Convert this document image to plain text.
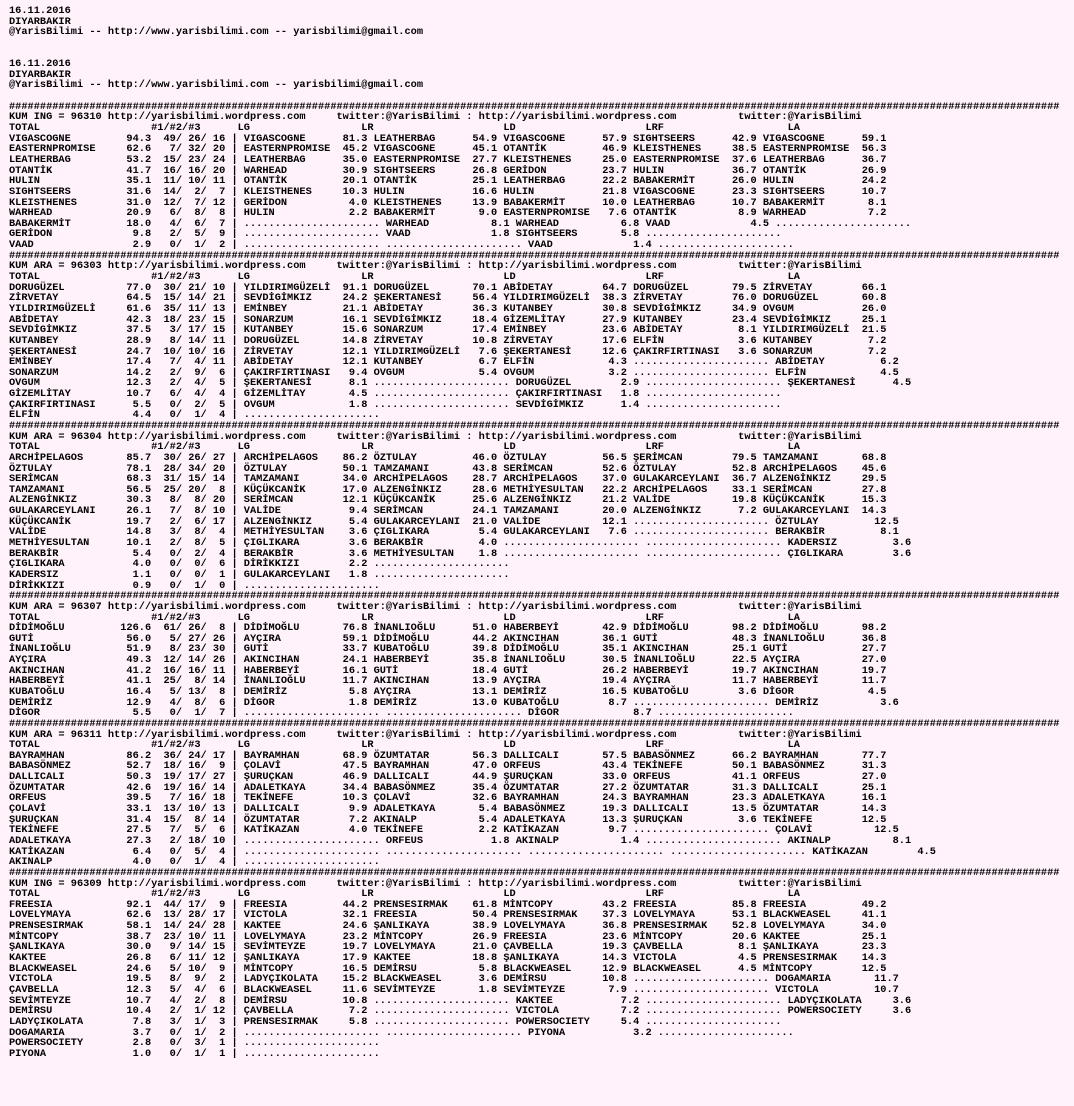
16.11.2016
DIYARBAKIR
@YarisBilimi -- http://www.yarisbilimi.com -- yarisbilimi@gmail.com
16.11.2016
DIYARBAKIR
@YarisBilimi -- http://www.yarisbilimi.com -- yarisbilimi@gmail.com
##########################################################################################################################################################################
KUM ING = 96310 http://yarisbilimi.wordpress.com     twitter:@YarisBilimi : http://yarisbilimi.wordpress.com          twitter:@YarisBilimi
TOTAL                  #1/#2/#3      LG                  LR                     LD                     LRF                    LA
VIGASCOGNE         94.3  49/ 26/ 16 | VIGASCOGNE      81.3 LEATHERBAG      54.9 VIGASCOGNE      57.9 SIGHTSEERS      42.9 VIGASCOGNE      59.1
EASTERNPROMISE     62.6   7/ 32/ 20 | EASTERNPROMISE  45.2 VIGASCOGNE      45.1 OTANTİK         46.9 KLEISTHENES     38.5 EASTERNPROMISE  56.3
LEATHERBAG         53.2  15/ 23/ 24 | LEATHERBAG      35.0 EASTERNPROMISE  27.7 KLEISTHENES     25.0 EASTERNPROMISE  37.6 LEATHERBAG      36.7
OTANTİK            41.7  16/ 16/ 20 | WARHEAD         30.9 SIGHTSEERS      26.8 GERİDON         23.7 HULIN           36.7 OTANTİK         26.9
HULIN              35.1  11/ 10/ 11 | OTANTİK         20.1 OTANTİK         25.1 LEATHERBAG      22.2 BABAKERMİT      26.0 HULIN           24.2
SIGHTSEERS         31.6  14/  2/  7 | KLEISTHENES     10.3 HULIN           16.6 HULIN           21.8 VIGASCOGNE      23.3 SIGHTSEERS      10.7
KLEISTHENES        31.0  12/  7/ 12 | GERİDON          4.0 KLEISTHENES     13.9 BABAKERMİT      10.0 LEATHERBAG      10.7 BABAKERMİT       8.1
WARHEAD            20.9   6/  8/  8 | HULIN            2.2 BABAKERMİT       9.0 EASTERNPROMISE   7.6 OTANTİK          8.9 WARHEAD          7.2
BABAKERMİT         18.0   4/  6/  7 | ...................... WARHEAD          8.1 WARHEAD          6.8 VAAD             4.5 ......................
GERİDON             9.8   2/  5/  9 | ...................... VAAD             1.8 SIGHTSEERS       5.8 ......................
VAAD                2.9   0/  1/  2 | ...................... ...................... VAAD             1.4 ......................
##########################################################################################################################################################################
KUM ARA = 96303 http://yarisbilimi.wordpress.com     twitter:@YarisBilimi : http://yarisbilimi.wordpress.com          twitter:@YarisBilimi
TOTAL                  #1/#2/#3      LG                  LR                     LD                     LRF                    LA
DORUGÜZEL          77.0  30/ 21/ 10 | YILDIRIMGÜZELİ  91.1 DORUGÜZEL       70.1 ABİDETAY        64.7 DORUGÜZEL       79.5 ZİRVETAY        66.1
ZİRVETAY           64.5  15/ 14/ 21 | SEVDİGİMKIZ     24.2 ŞEKERTANESİ     56.4 YILDIRIMGÜZELİ  38.3 ZİRVETAY        76.0 DORUGÜZEL       60.8
YILDIRIMGÜZELİ     61.6  35/ 11/ 13 | EMİNBEY         21.1 ABİDETAY        36.3 KUTANBEY        30.8 SEVDİGİMKIZ     34.9 OVGUM           26.0
ABİDETAY           42.3  18/ 23/ 15 | SONARZUM        16.1 SEVDİGİMKIZ     18.4 GİZEMLİTAY      27.9 KUTANBEY        23.4 SEVDİGİMKIZ     25.1
SEVDİGİMKIZ        37.5   3/ 17/ 15 | KUTANBEY        15.6 SONARZUM        17.4 EMİNBEY         23.6 ABİDETAY         8.1 YILDIRIMGÜZELİ  21.5
KUTANBEY           28.9   8/ 14/ 11 | DORUGÜZEL       14.8 ZİRVETAY        10.8 ZİRVETAY        17.6 ELFİN            3.6 KUTANBEY         7.2
ŞEKERTANESİ        24.7  10/ 10/ 16 | ZİRVETAY        12.1 YILDIRIMGÜZELİ   7.6 ŞEKERTANESİ     12.6 ÇAKIRFIRTINASI   3.6 SONARZUM         7.2
EMİNBEY            17.4   7/  4/ 11 | ABİDETAY        12.1 KUTANBEY         6.7 ELFİN            4.3 ...................... ABİDETAY         6.2
SONARZUM           14.2   2/  9/  6 | ÇAKIRFIRTINASI   9.4 OVGUM            5.4 OVGUM            3.2 ...................... ELFİN            4.5
OVGUM              12.3   2/  4/  5 | ŞEKERTANESİ      8.1 ...................... DORUGÜZEL        2.9 ...................... ŞEKERTANESİ      4.5
GİZEMLİTAY         10.7   6/  4/  4 | GİZEMLİTAY       4.5 ...................... ÇAKIRFIRTINASI   1.8 ......................
ÇAKIRFIRTINASI      5.5   0/  2/  5 | OVGUM            1.8 ...................... SEVDİGİMKIZ      1.4 ......................
ELFİN               4.4   0/  1/  4 | ......................
##########################################################################################################################################################################
KUM ARA = 96304 http://yarisbilimi.wordpress.com     twitter:@YarisBilimi : http://yarisbilimi.wordpress.com          twitter:@YarisBilimi
TOTAL                  #1/#2/#3      LG                  LR                     LD                     LRF                    LA
ARCHİPELAGOS       85.7  30/ 26/ 27 | ARCHİPELAGOS    86.2 ÖZTULAY         46.0 ÖZTULAY         56.5 ŞERİMCAN        79.5 TAMZAMANI       68.8
ÖZTULAY            78.1  28/ 34/ 20 | ÖZTULAY         50.1 TAMZAMANI       43.8 SERİMCAN        52.6 ÖZTULAY         52.8 ARCHİPELAGOS    45.6
SERİMCAN           68.3  31/ 15/ 14 | TAMZAMANI       34.0 ARCHİPELAGOS    28.7 ARCHİPELAGOS    37.0 GULAKARCEYLANI  36.7 ALZENGİNKIZ     29.5
TAMZAMANI          56.5  25/ 20/  8 | KÜÇÜKCANİK      17.0 ALZENGİNKIZ     28.6 METHİYESULTAN   22.2 ARCHİPELAGOS    33.1 SERİMCAN        27.8
ALZENGİNKIZ        30.3   8/  8/ 20 | SERİMCAN        12.1 KÜÇÜKCANİK      25.6 ALZENGİNKIZ     21.2 VALİDE          19.8 KÜÇÜKCANİK      15.3
GULAKARCEYLANI     26.1   7/  8/ 10 | VALİDE           9.4 SERİMCAN        24.1 TAMZAMANI       20.0 ALZENGİNKIZ      7.2 GULAKARCEYLANI  14.3
KÜÇÜKCANİK         19.7   2/  6/ 17 | ALZENGİNKIZ      5.4 GULAKARCEYLANI  21.0 VALİDE          12.1 ...................... ÖZTULAY         12.5
VALİDE             14.8   3/  8/  4 | METHİYESULTAN    3.6 ÇIGLIKARA        5.4 GULAKARCEYLANI   7.6 ...................... BERAKBİR         8.1
METHİYESULTAN      10.1   2/  8/  5 | ÇIGLIKARA        3.6 BERAKBİR         4.0 ...................... ...................... KADERSIZ         3.6
BERAKBİR            5.4   0/  2/  4 | BERAKBİR         3.6 METHİYESULTAN    1.8 ...................... ...................... ÇIGLIKARA        3.6
ÇIGLIKARA           4.0   0/  0/  6 | DİRİKKIZI        2.2 ......................
KADERSIZ            1.1   0/  0/  1 | GULAKARCEYLANI   1.8 ......................
DİRİKKIZI           0.9   0/  1/  0 | ......................
##########################################################################################################################################################################
KUM ARA = 96307 http://yarisbilimi.wordpress.com     twitter:@YarisBilimi : http://yarisbilimi.wordpress.com          twitter:@YarisBilimi
TOTAL                  #1/#2/#3      LG                  LR                     LD                     LRF                    LA
DİDİMOĞLU         126.6  61/ 26/  8 | DİDİMOĞLU       76.8 İNANLIOĞLU      51.0 HABERBEYİ       42.9 DİDİMOĞLU       98.2 DİDİMOĞLU       98.2
GUTİ               56.0   5/ 27/ 26 | AYÇIRA          59.1 DİDİMOĞLU       44.2 AKINCIHAN       36.1 GUTİ            48.3 İNANLIOĞLU      36.8
İNANLIOĞLU         51.9   8/ 23/ 30 | GUTİ            33.7 KUBATOĞLU       39.8 DİDİMOĞLU       35.1 AKINCIHAN       25.1 GUTİ            27.7
AYÇIRA             49.3  12/ 14/ 26 | AKINCIHAN       24.1 HABERBEYİ       35.8 İNANLIOĞLU      30.5 İNANLIOĞLU      22.5 AYÇIRA          27.0
AKINCIHAN          41.2  16/ 16/ 11 | HABERBEYİ       16.1 GUTİ            18.4 GUTİ            26.2 HABERBEYİ       19.7 AKINCIHAN       19.7
HABERBEYİ          41.1  25/  8/ 14 | İNANLIOĞLU      11.7 AKINCIHAN       13.9 AYÇIRA          19.4 AYÇIRA          11.7 HABERBEYİ       11.7
KUBATOĞLU          16.4   5/ 13/  8 | DEMİRİZ          5.8 AYÇIRA          13.1 DEMİRİZ         16.5 KUBATOĞLU        3.6 DİGOR            4.5
DEMİRİZ            12.9   4/  8/  6 | DİGOR            1.8 DEMİRİZ         13.0 KUBATOĞLU        8.7 ...................... DEMİRİZ          3.6
DİGOR               5.5   0/  1/  7 | ...................... ...................... DİGOR            8.7 ......................
##########################################################################################################################################################################
KUM ARA = 96311 http://yarisbilimi.wordpress.com     twitter:@YarisBilimi : http://yarisbilimi.wordpress.com          twitter:@YarisBilimi
TOTAL                  #1/#2/#3      LG                  LR                     LD                     LRF                    LA
BAYRAMHAN          86.2  36/ 24/ 17 | BAYRAMHAN       68.9 ÖZUMTATAR       56.3 DALLICALI       57.5 BABASÖNMEZ      66.2 BAYRAMHAN       77.7
BABASÖNMEZ         52.7  18/ 16/  9 | ÇOLAVİ          47.5 BAYRAMHAN       47.0 ORFEUS          43.4 TEKİNEFE        50.1 BABASÖNMEZ      31.3
DALLICALI          50.3  19/ 17/ 27 | ŞURUÇKAN        46.9 DALLICALI       44.9 ŞURUÇKAN        33.0 ORFEUS          41.1 ORFEUS          27.0
ÖZUMTATAR          42.6  19/ 16/ 14 | ADALETKAYA      34.4 BABASÖNMEZ      35.4 ÖZUMTATAR       27.2 ÖZUMTATAR       31.3 DALLICALI       25.1
ORFEUS             39.5   7/ 16/ 18 | TEKİNEFE        10.3 ÇOLAVİ          32.6 BAYRAMHAN       24.3 BAYRAMHAN       23.3 ADALETKAYA      16.1
ÇOLAVİ             33.1  13/ 10/ 13 | DALLICALI        9.9 ADALETKAYA       5.4 BABASÖNMEZ      19.3 DALLICALI       13.5 ÖZUMTATAR       14.3
ŞURUÇKAN           31.4  15/  8/ 14 | ÖZUMTATAR        7.2 AKINALP          5.4 ADALETKAYA      13.3 ŞURUÇKAN         3.6 TEKİNEFE        12.5
TEKİNEFE           27.5   7/  5/  6 | KATİKAZAN        4.0 TEKİNEFE         2.2 KATİKAZAN        9.7 ...................... ÇOLAVİ          12.5
ADALETKAYA         27.3   2/ 18/ 10 | ...................... ORFEUS           1.8 AKINALP          1.4 ...................... AKINALP          8.1
KATİKAZAN           6.4   0/  5/  4 | ...................... ...................... ...................... ...................... KATİKAZAN        4.5
AKINALP             4.0   0/  1/  4 | ......................
##########################################################################################################################################################################
KUM ING = 96309 http://yarisbilimi.wordpress.com     twitter:@YarisBilimi : http://yarisbilimi.wordpress.com          twitter:@YarisBilimi
TOTAL                  #1/#2/#3      LG                  LR                     LD                     LRF                    LA
FREESIA            92.1  44/ 17/  9 | FREESIA         44.2 PRENSESIRMAK    61.8 MİNTCOPY        43.2 FREESIA         85.8 FREESIA         49.2
LOVELYMAYA         62.6  13/ 28/ 17 | VICTOLA         32.1 FREESIA         50.4 PRENSESIRMAK    37.3 LOVELYMAYA      53.1 BLACKWEASEL     41.1
PRENSESIRMAK       58.1  14/ 24/ 28 | KAKTEE          24.6 ŞANLIKAYA       38.9 LOVELYMAYA      36.8 PRENSESIRMAK    52.8 LOVELYMAYA      34.0
MİNTCOPY           38.7  23/ 10/ 11 | LOVELYMAYA      23.2 MİNTCOPY        26.9 FREESIA         23.6 MİNTCOPY        20.6 KAKTEE          25.1
ŞANLIKAYA          30.0   9/ 14/ 15 | SEVİMTEYZE      19.7 LOVELYMAYA      21.0 ÇAVBELLA        19.3 ÇAVBELLA         8.1 ŞANLIKAYA       23.3
KAKTEE             26.8   6/ 11/ 12 | ŞANLIKAYA       17.9 KAKTEE          18.8 ŞANLIKAYA       14.3 VICTOLA          4.5 PRENSESIRMAK    14.3
BLACKWEASEL        24.6   5/ 10/  9 | MİNTCOPY        16.5 DEMİRSU          5.8 BLACKWEASEL     12.9 BLACKWEASEL      4.5 MİNTCOPY        12.5
VICTOLA            19.5   8/  9/  2 | LADYÇIKOLATA    15.2 BLACKWEASEL      3.6 DEMİRSU         10.8 ...................... DOGAMARIA       11.7
ÇAVBELLA           12.3   5/  4/  6 | BLACKWEASEL     11.6 SEVİMTEYZE       1.8 SEVİMTEYZE       7.9 ...................... VICTOLA         10.7
SEVİMTEYZE         10.7   4/  2/  8 | DEMİRSU         10.8 ...................... KAKTEE           7.2 ...................... LADYÇIKOLATA     3.6
DEMİRSU            10.4   2/  1/ 12 | ÇAVBELLA         7.2 ...................... VICTOLA          7.2 ...................... POWERSOCIETY     3.6
LADYÇIKOLATA        7.8   3/  1/  3 | PRENSESIRMAK     5.8 ...................... POWERSOCIETY     5.4 ......................
DOGAMARIA           3.7   0/  1/  2 | ...................... ...................... PIYONA           3.2 ......................
POWERSOCIETY        2.8   0/  3/  1 | ......................
PIYONA              1.0   0/  1/  1 | ......................
